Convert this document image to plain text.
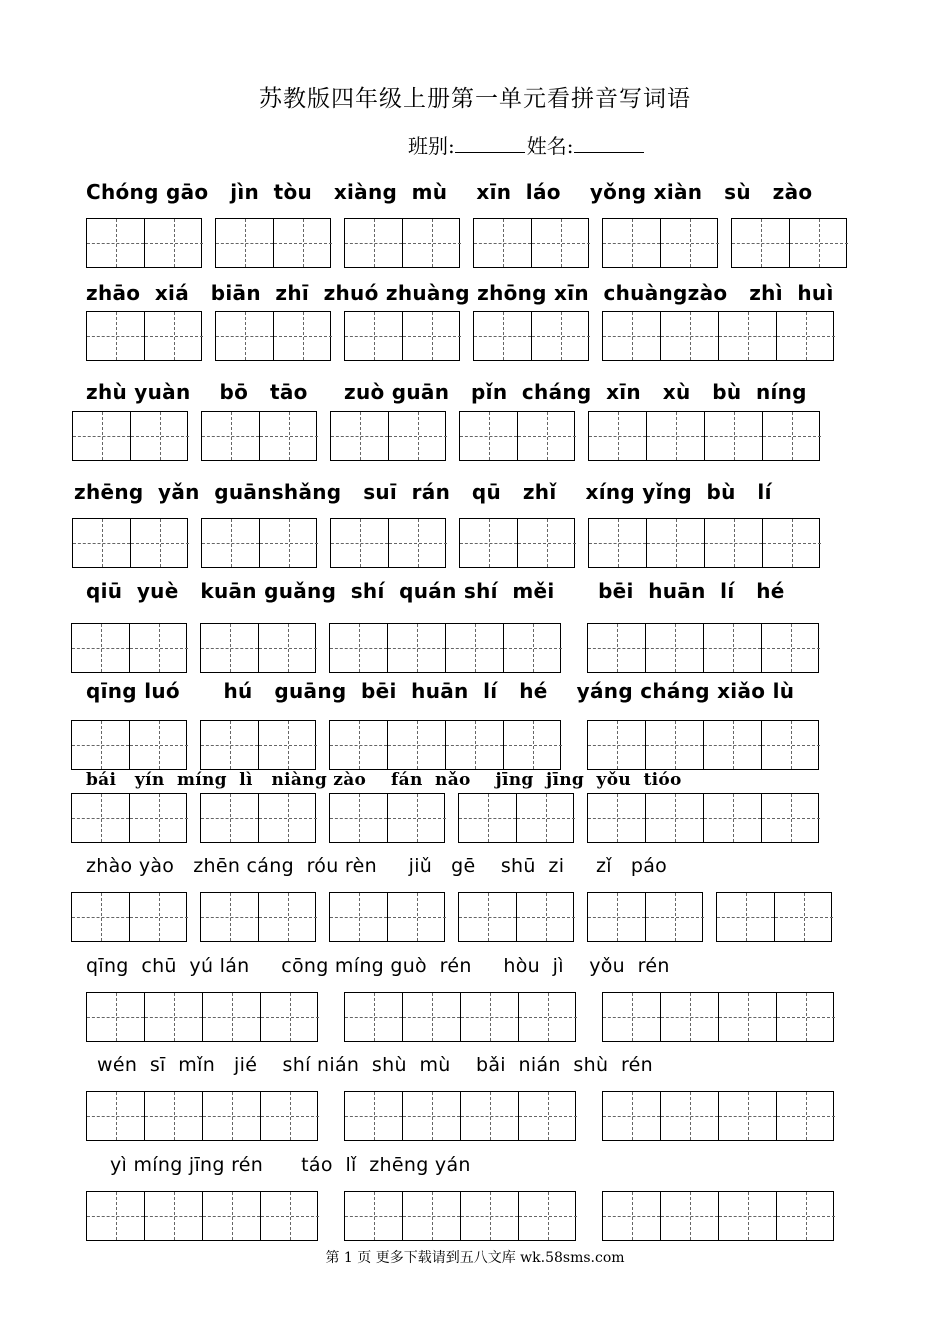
苏教版四年级上册第一单元看拼音写词语
班别:	姓名:
Chóng gāo   jìn  tòu   xiàng  mù    xīn  láo    yǒng xiàn   sù   zào
zhāo  xiá   biān  zhī  zhuó zhuàng zhōng xīn  chuàngzào   zhì  huì
zhù yuàn    bō   tāo     zuò guān   pǐn  cháng  xīn   xù   bù  níng
zhēng  yǎn  guānshǎng   suī  rán   qū   zhǐ    xíng yǐng  bù   lí
qiū  yuè   kuān guǎng  shí  quán shí  měi      bēi  huān  lí   hé
qīng luó      hú   guāng  bēi  huān  lí   hé    yáng cháng xiǎo lù
bái   yín  míng  lì   niàng zào    fán  nǎo    jīng  jīng  yǒu  tióo
zhào yào   zhēn cáng  róu rèn     jiǔ   gē    shū  zi     zǐ   páo
qīng  chū  yú lán     cōng míng guò  rén     hòu  jì    yǒu  rén
wén  sī  mǐn   jié    shí nián  shù  mù    bǎi  nián  shù  rén
yì míng jīng rén      táo  lǐ  zhēng yán
第 1 页 更多下载请到五八文库 wk.58sms.com
